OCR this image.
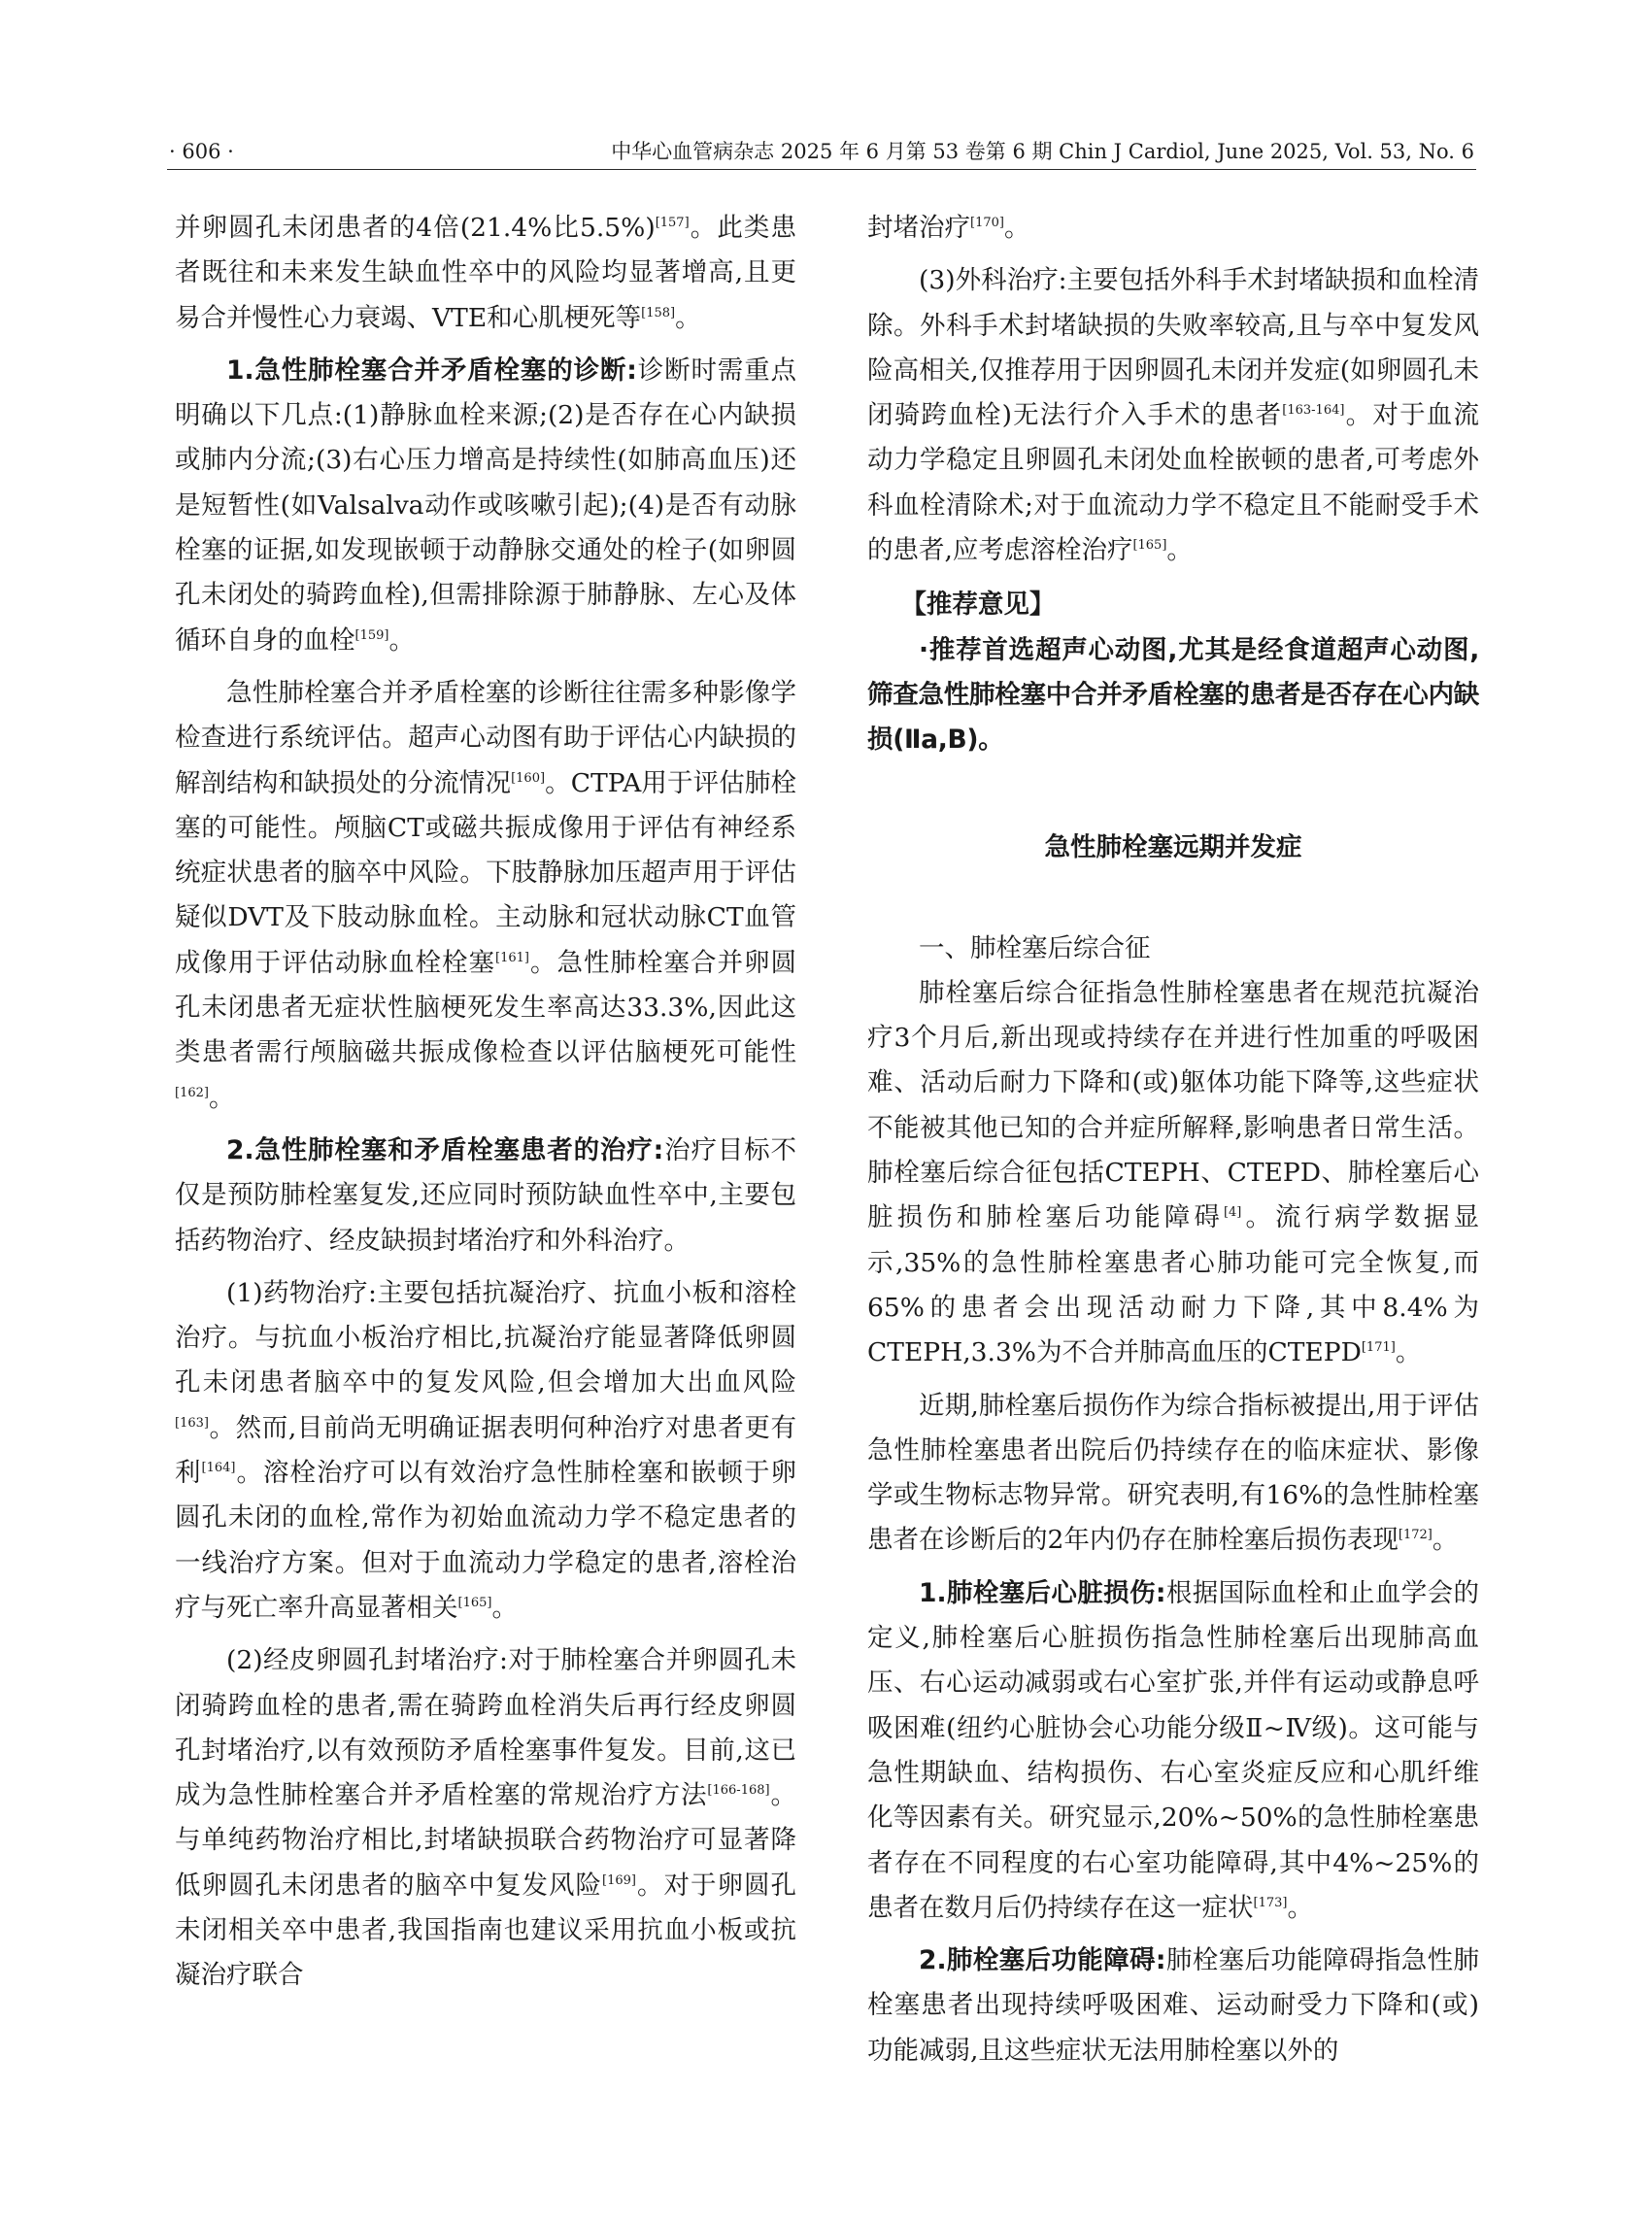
· 606 ·	中华心血管病杂志 2025 年 6 月第 53 卷第 6 期 Chin J Cardiol, June 2025, Vol. 53, No. 6

并卵圆孔未闭患者的4倍(21.4%比5.5%)[157]。此类患者既往和未来发生缺血性卒中的风险均显著增高,且更易合并慢性心力衰竭、VTE和心肌梗死等[158]。

1.急性肺栓塞合并矛盾栓塞的诊断:诊断时需重点明确以下几点:(1)静脉血栓来源;(2)是否存在心内缺损或肺内分流;(3)右心压力增高是持续性(如肺高血压)还是短暂性(如Valsalva动作或咳嗽引起);(4)是否有动脉栓塞的证据,如发现嵌顿于动静脉交通处的栓子(如卵圆孔未闭处的骑跨血栓),但需排除源于肺静脉、左心及体循环自身的血栓[159]。

急性肺栓塞合并矛盾栓塞的诊断往往需多种影像学检查进行系统评估。超声心动图有助于评估心内缺损的解剖结构和缺损处的分流情况[160]。CTPA用于评估肺栓塞的可能性。颅脑CT或磁共振成像用于评估有神经系统症状患者的脑卒中风险。下肢静脉加压超声用于评估疑似DVT及下肢动脉血栓。主动脉和冠状动脉CT血管成像用于评估动脉血栓栓塞[161]。急性肺栓塞合并卵圆孔未闭患者无症状性脑梗死发生率高达33.3%,因此这类患者需行颅脑磁共振成像检查以评估脑梗死可能性[162]。

2.急性肺栓塞和矛盾栓塞患者的治疗:治疗目标不仅是预防肺栓塞复发,还应同时预防缺血性卒中,主要包括药物治疗、经皮缺损封堵治疗和外科治疗。

(1)药物治疗:主要包括抗凝治疗、抗血小板和溶栓治疗。与抗血小板治疗相比,抗凝治疗能显著降低卵圆孔未闭患者脑卒中的复发风险,但会增加大出血风险[163]。然而,目前尚无明确证据表明何种治疗对患者更有利[164]。溶栓治疗可以有效治疗急性肺栓塞和嵌顿于卵圆孔未闭的血栓,常作为初始血流动力学不稳定患者的一线治疗方案。但对于血流动力学稳定的患者,溶栓治疗与死亡率升高显著相关[165]。

(2)经皮卵圆孔封堵治疗:对于肺栓塞合并卵圆孔未闭骑跨血栓的患者,需在骑跨血栓消失后再行经皮卵圆孔封堵治疗,以有效预防矛盾栓塞事件复发。目前,这已成为急性肺栓塞合并矛盾栓塞的常规治疗方法[166-168]。与单纯药物治疗相比,封堵缺损联合药物治疗可显著降低卵圆孔未闭患者的脑卒中复发风险[169]。对于卵圆孔未闭相关卒中患者,我国指南也建议采用抗血小板或抗凝治疗联合

封堵治疗[170]。

(3)外科治疗:主要包括外科手术封堵缺损和血栓清除。外科手术封堵缺损的失败率较高,且与卒中复发风险高相关,仅推荐用于因卵圆孔未闭并发症(如卵圆孔未闭骑跨血栓)无法行介入手术的患者[163-164]。对于血流动力学稳定且卵圆孔未闭处血栓嵌顿的患者,可考虑外科血栓清除术;对于血流动力学不稳定且不能耐受手术的患者,应考虑溶栓治疗[165]。

【推荐意见】

·推荐首选超声心动图,尤其是经食道超声心动图,筛查急性肺栓塞中合并矛盾栓塞的患者是否存在心内缺损(Ⅱa,B)。

急性肺栓塞远期并发症

一、肺栓塞后综合征

肺栓塞后综合征指急性肺栓塞患者在规范抗凝治疗3个月后,新出现或持续存在并进行性加重的呼吸困难、活动后耐力下降和(或)躯体功能下降等,这些症状不能被其他已知的合并症所解释,影响患者日常生活。肺栓塞后综合征包括CTEPH、CTEPD、肺栓塞后心脏损伤和肺栓塞后功能障碍[4]。流行病学数据显示,35%的急性肺栓塞患者心肺功能可完全恢复,而65%的患者会出现活动耐力下降,其中8.4%为CTEPH,3.3%为不合并肺高血压的CTEPD[171]。

近期,肺栓塞后损伤作为综合指标被提出,用于评估急性肺栓塞患者出院后仍持续存在的临床症状、影像学或生物标志物异常。研究表明,有16%的急性肺栓塞患者在诊断后的2年内仍存在肺栓塞后损伤表现[172]。

1.肺栓塞后心脏损伤:根据国际血栓和止血学会的定义,肺栓塞后心脏损伤指急性肺栓塞后出现肺高血压、右心运动减弱或右心室扩张,并伴有运动或静息呼吸困难(纽约心脏协会心功能分级Ⅱ~Ⅳ级)。这可能与急性期缺血、结构损伤、右心室炎症反应和心肌纤维化等因素有关。研究显示,20%~50%的急性肺栓塞患者存在不同程度的右心室功能障碍,其中4%~25%的患者在数月后仍持续存在这一症状[173]。

2.肺栓塞后功能障碍:肺栓塞后功能障碍指急性肺栓塞患者出现持续呼吸困难、运动耐受力下降和(或)功能减弱,且这些症状无法用肺栓塞以外的
